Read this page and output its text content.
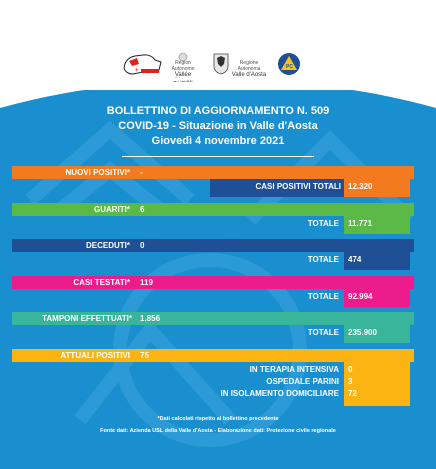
+
Région Autonome
Vallée d'Aoste
Regione Autonoma
Valle d'Aosta
PC
BOLLETTINO DI AGGIORNAMENTO N. 509
COVID-19 - Situazione in Valle d'Aosta
Giovedì 4 novembre 2021
NUOVI POSITIVI* -
CASI POSITIVI TOTALI 12.320
GUARITI* 6
TOTALE 11.771
DECEDUTI* 0
TOTALE 474
CASI TESTATI* 119
TOTALE 92.994
TAMPONI EFFETTUATI* 1.856
TOTALE 235.900
ATTUALI POSITIVI 75
IN TERAPIA INTENSIVA 0
OSPEDALE PARINI 3
IN ISOLAMENTO DOMICILIARE 72
*Dati calcolati rispetto al bollettino precedente
Fonte dati: Azienda USL della Valle d'Aosta - Elaborazione dati: Protezione civile regionale
